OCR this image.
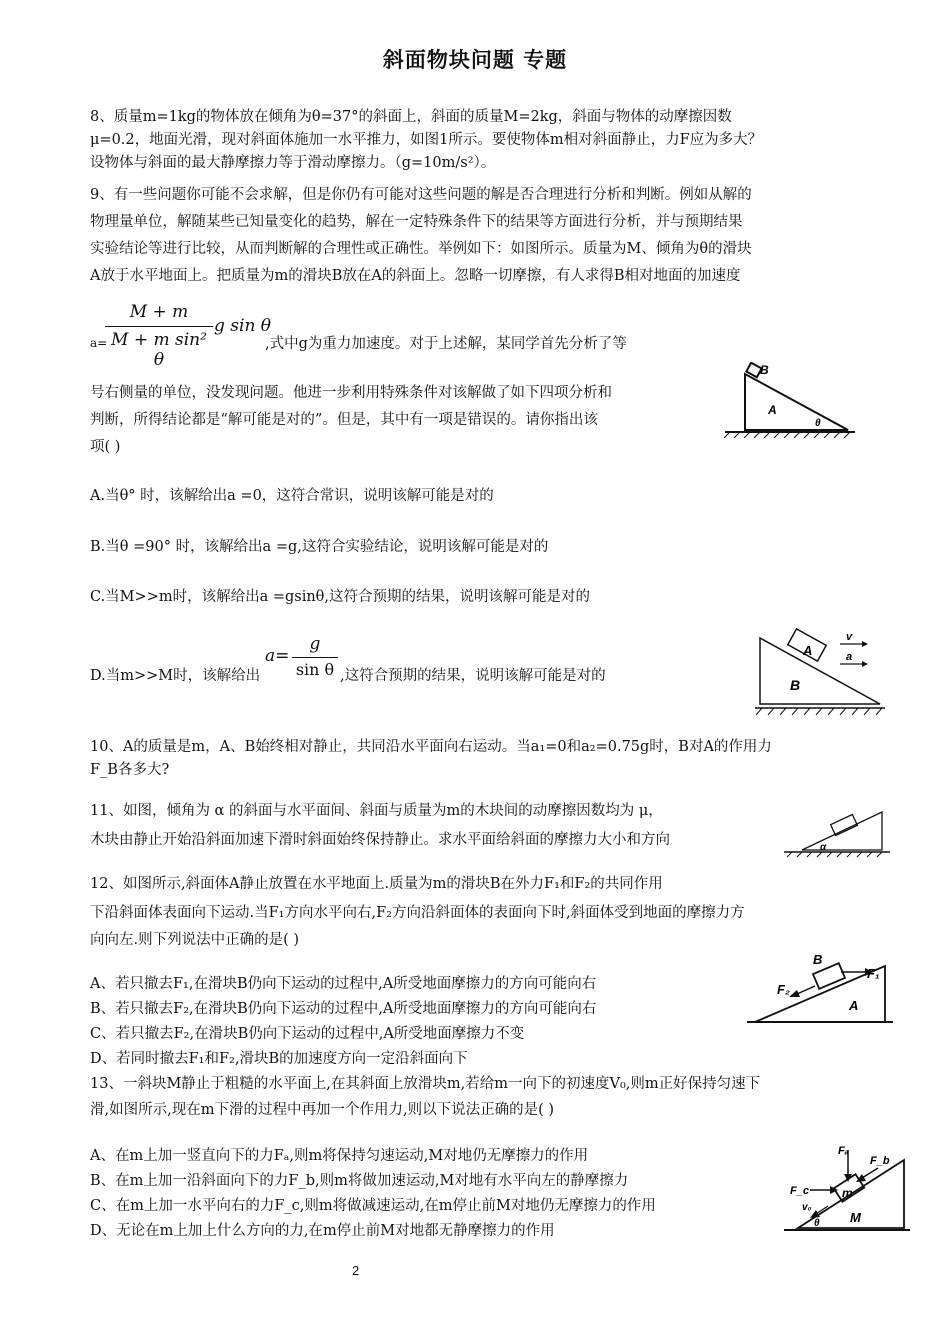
斜面物块问题 专题
8、质量m=1kg的物体放在倾角为θ=37°的斜面上，斜面的质量M=2kg，斜面与物体的动摩擦因数
μ=0.2，地面光滑，现对斜面体施加一水平推力，如图1所示。要使物体m相对斜面静止，力F应为多大？
设物体与斜面的最大静摩擦力等于滑动摩擦力。（g=10m/s²）。
9、有一些问题你可能不会求解，但是你仍有可能对这些问题的解是否合理进行分析和判断。例如从解的
物理量单位，解随某些已知量变化的趋势，解在一定特殊条件下的结果等方面进行分析，并与预期结果
实验结论等进行比较，从而判断解的合理性或正确性。举例如下：如图所示。质量为M、倾角为θ的滑块
A放于水平地面上。把质量为m的滑块B放在A的斜面上。忽略一切摩擦，有人求得B相对地面的加速度
a=
M + m
M + m sin² θ
g sin θ
,式中g为重力加速度。对于上述解，某同学首先分析了等
号右侧量的单位，没发现问题。他进一步利用特殊条件对该解做了如下四项分析和
判断，所得结论都是“解可能是对的”。但是，其中有一项是错误的。请你指出该
项( )
B
A
θ
A.当θ° 时，该解给出a =0，这符合常识，说明该解可能是对的
B.当θ =90° 时，该解给出a =g,这符合实验结论，说明该解可能是对的
C.当M>>m时，该解给出a =gsinθ,这符合预期的结果，说明该解可能是对的
D.当m>>M时，该解给出
a=
g
sin θ ,这符合预期的结果，说明该解可能是对的
A
B
v
a
10、A的质量是m，A、B始终相对静止，共同沿水平面向右运动。当a₁=0和a₂=0.75g时，B对A的作用力
F_B各多大?
11、如图，倾角为 α 的斜面与水平面间、斜面与质量为m的木块间的动摩擦因数均为 μ，
木块由静止开始沿斜面加速下滑时斜面始终保持静止。求水平面给斜面的摩擦力大小和方向	α
12、如图所示,斜面体A静止放置在水平地面上.质量为m的滑块B在外力F₁和F₂的共同作用
下沿斜面体表面向下运动.当F₁方向水平向右,F₂方向沿斜面体的表面向下时,斜面体受到地面的摩擦力方
向向左.则下列说法中正确的是( )
A、若只撤去F₁,在滑块B仍向下运动的过程中,A所受地面摩擦力的方向可能向右
B、若只撤去F₂,在滑块B仍向下运动的过程中,A所受地面摩擦力的方向可能向右
C、若只撤去F₂,在滑块B仍向下运动的过程中,A所受地面摩擦力不变
D、若同时撤去F₁和F₂,滑块B的加速度方向一定沿斜面向下
B
F₁
F₂
A
13、一斜块M静止于粗糙的水平面上,在其斜面上放滑块m,若给m一向下的初速度V₀,则m正好保持匀速下
滑,如图所示,现在m下滑的过程中再加一个作用力,则以下说法正确的是( )
A、在m上加一竖直向下的力Fₐ,则m将保持匀速运动,M对地仍无摩擦力的作用
B、在m上加一沿斜面向下的力F_b,则m将做加速运动,M对地有水平向左的静摩擦力
C、在m上加一水平向右的力F_c,则m将做减速运动,在m停止前M对地仍无摩擦力的作用
D、无论在m上加上什么方向的力,在m停止前M对地都无静摩擦力的作用
m
Fₐ
F_b
F_c
v₀
M
θ
2
